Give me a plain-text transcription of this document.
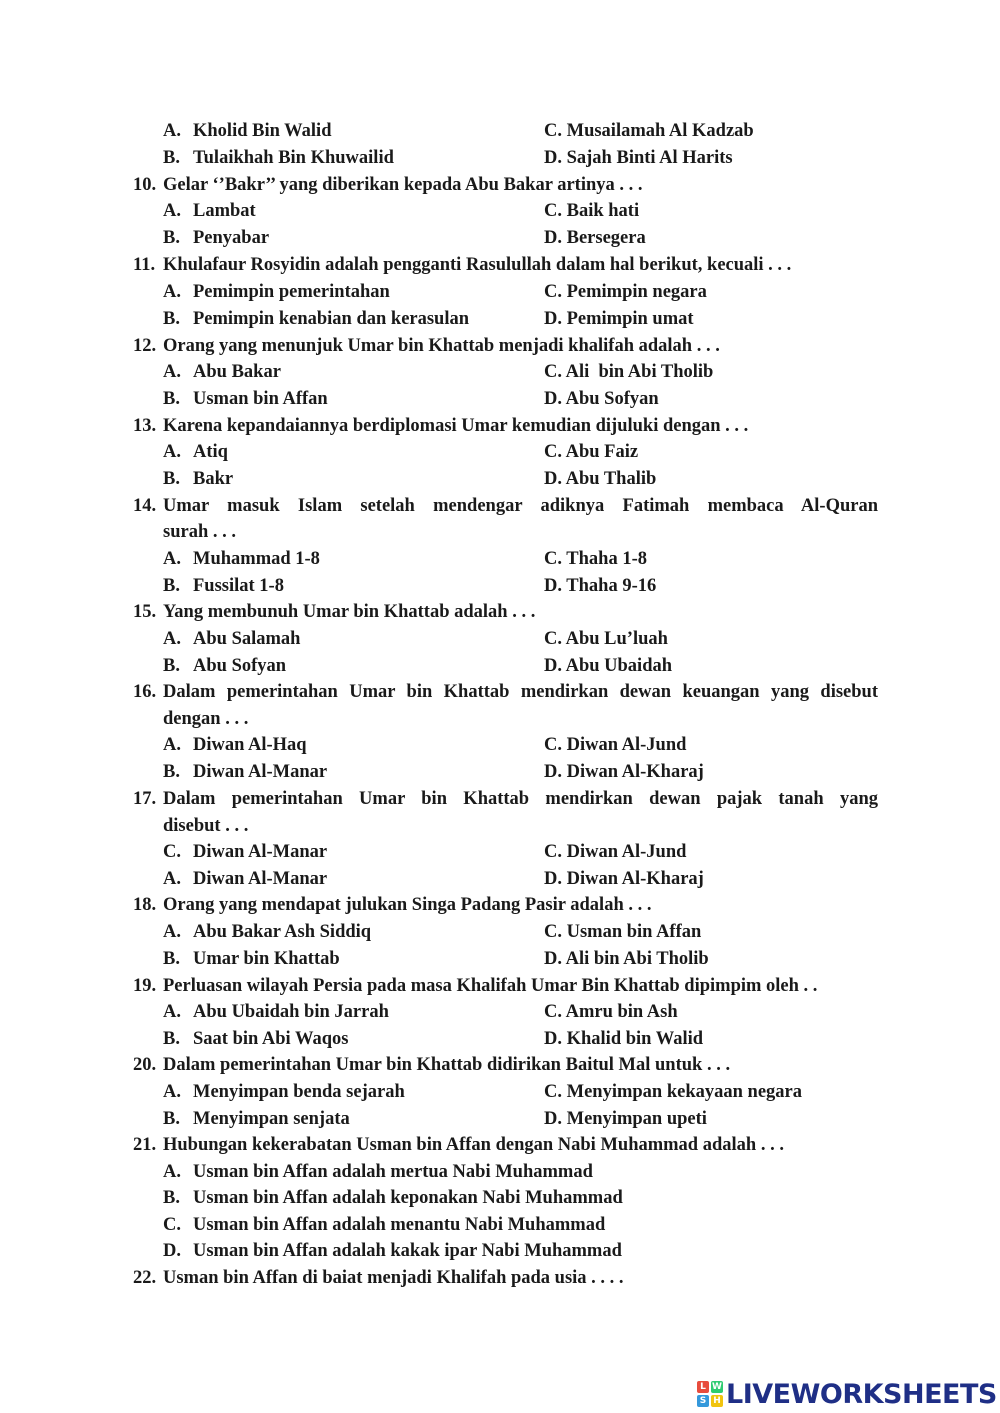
A. Kholid Bin Walid	C. Musailamah Al Kadzab
B. Tulaikhah Bin Khuwailid	D. Sajah Binti Al Harits
10. Gelar ‘’Bakr’’ yang diberikan kepada Abu Bakar artinya . . .
A. Lambat	C. Baik hati
B. Penyabar	D. Bersegera
11. Khulafaur Rosyidin adalah pengganti Rasulullah dalam hal berikut, kecuali . . .
A. Pemimpin pemerintahan	C. Pemimpin negara
B. Pemimpin kenabian dan kerasulan	D. Pemimpin umat
12. Orang yang menunjuk Umar bin Khattab menjadi khalifah adalah . . .
A. Abu Bakar	C. Ali  bin Abi Tholib
B. Usman bin Affan	D. Abu Sofyan
13. Karena kepandaiannya berdiplomasi Umar kemudian dijuluki dengan . . .
A. Atiq	C. Abu Faiz
B. Bakr	D. Abu Thalib
14. Umar masuk Islam setelah mendengar adiknya Fatimah membaca Al-Quran
surah . . .
A. Muhammad 1-8	C. Thaha 1-8
B. Fussilat 1-8	D. Thaha 9-16
15. Yang membunuh Umar bin Khattab adalah . . .
A. Abu Salamah	C. Abu Lu’luah
B. Abu Sofyan	D. Abu Ubaidah
16. Dalam pemerintahan Umar bin Khattab mendirkan dewan keuangan yang disebut
dengan . . .
A. Diwan Al-Haq	C. Diwan Al-Jund
B. Diwan Al-Manar	D. Diwan Al-Kharaj
17. Dalam pemerintahan Umar bin Khattab mendirkan dewan pajak tanah yang
disebut . . .
C. Diwan Al-Manar	C. Diwan Al-Jund
A. Diwan Al-Manar	D. Diwan Al-Kharaj
18. Orang yang mendapat julukan Singa Padang Pasir adalah . . .
A. Abu Bakar Ash Siddiq	C. Usman bin Affan
B. Umar bin Khattab	D. Ali bin Abi Tholib
19. Perluasan wilayah Persia pada masa Khalifah Umar Bin Khattab dipimpim oleh . .
A. Abu Ubaidah bin Jarrah	C. Amru bin Ash
B. Saat bin Abi Waqos	D. Khalid bin Walid
20. Dalam pemerintahan Umar bin Khattab didirikan Baitul Mal untuk . . .
A. Menyimpan benda sejarah	C. Menyimpan kekayaan negara
B. Menyimpan senjata	D. Menyimpan upeti
21. Hubungan kekerabatan Usman bin Affan dengan Nabi Muhammad adalah . . .
A. Usman bin Affan adalah mertua Nabi Muhammad
B. Usman bin Affan adalah keponakan Nabi Muhammad
C. Usman bin Affan adalah menantu Nabi Muhammad
D. Usman bin Affan adalah kakak ipar Nabi Muhammad
22. Usman bin Affan di baiat menjadi Khalifah pada usia . . . .
L W
S H LIVEWORKSHEETS
